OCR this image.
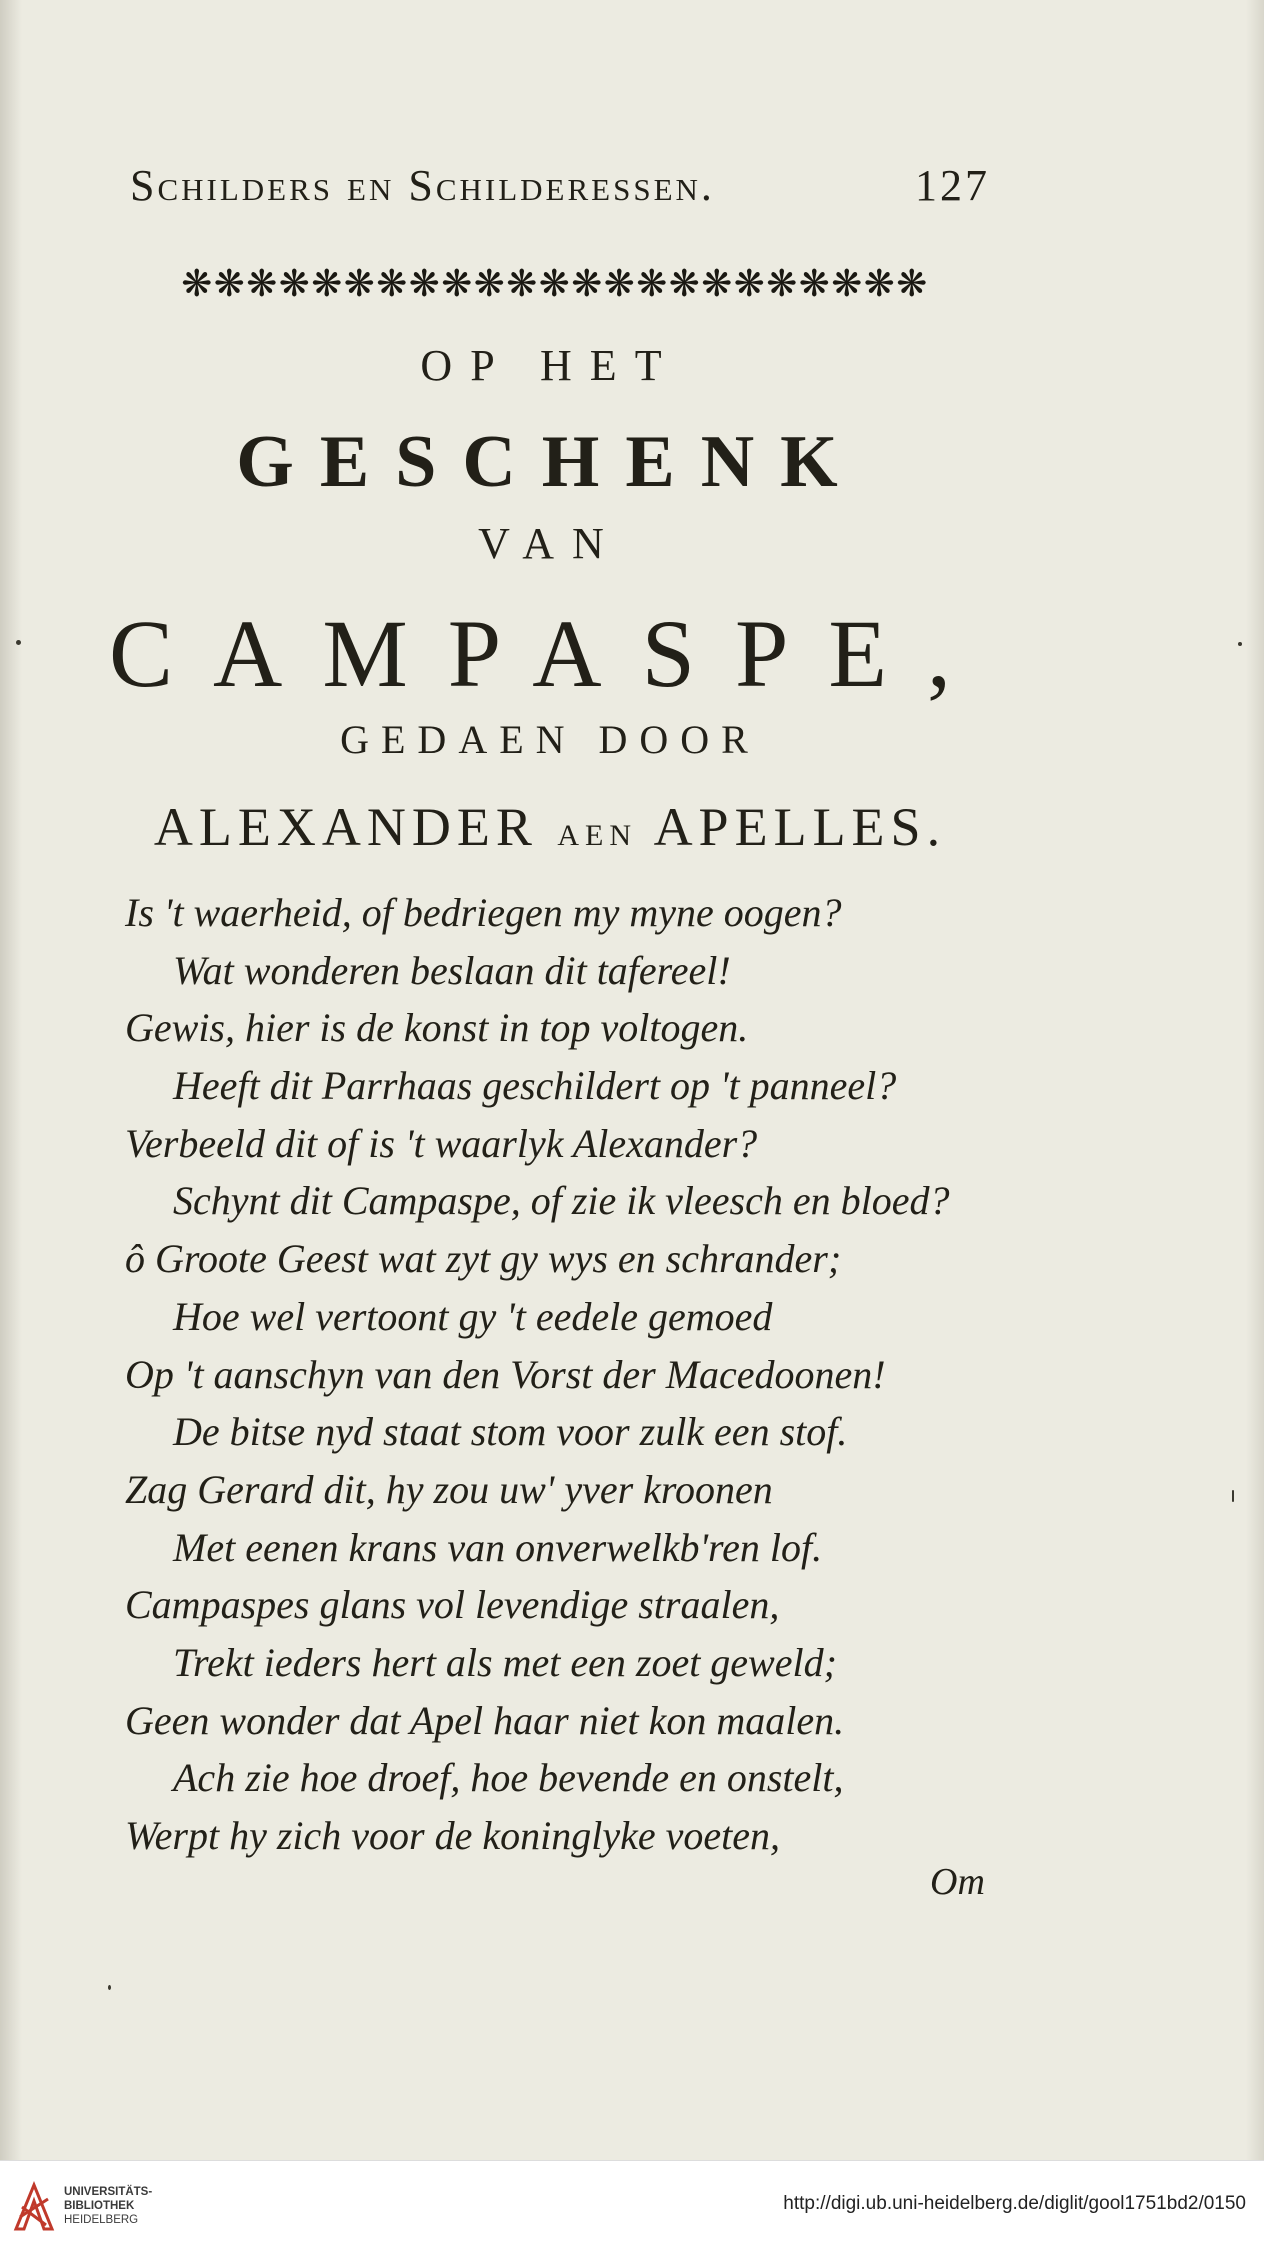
Schilders en Schilderessen.	127
❋❋❋❋❋❋❋❋❋❋❋❋❋❋❋❋❋❋❋❋❋❋❋
OP HET
GESCHENK
VAN
CAMPASPE,
GEDAEN DOOR
ALEXANDER AEN APELLES.
Is 't waerheid, of bedriegen my myne oogen?
Wat wonderen beslaan dit tafereel!
Gewis, hier is de konst in top voltogen.
Heeft dit Parrhaas geschildert op 't panneel?
Verbeeld dit of is 't waarlyk Alexander?
Schynt dit Campaspe, of zie ik vleesch en bloed?
ô Groote Geest wat zyt gy wys en schrander;
Hoe wel vertoont gy 't eedele gemoed
Op 't aanschyn van den Vorst der Macedoonen!
De bitse nyd staat stom voor zulk een stof.
Zag Gerard dit, hy zou uw' yver kroonen
Met eenen krans van onverwelkb'ren lof.
Campaspes glans vol levendige straalen,
Trekt ieders hert als met een zoet geweld;
Geen wonder dat Apel haar niet kon maalen.
Ach zie hoe droef, hoe bevende en onstelt,
Werpt hy zich voor de koninglyke voeten,
Om
UNIVERSITÄTS-
BIBLIOTHEK
HEIDELBERG
http://digi.ub.uni-heidelberg.de/diglit/gool1751bd2/0150
